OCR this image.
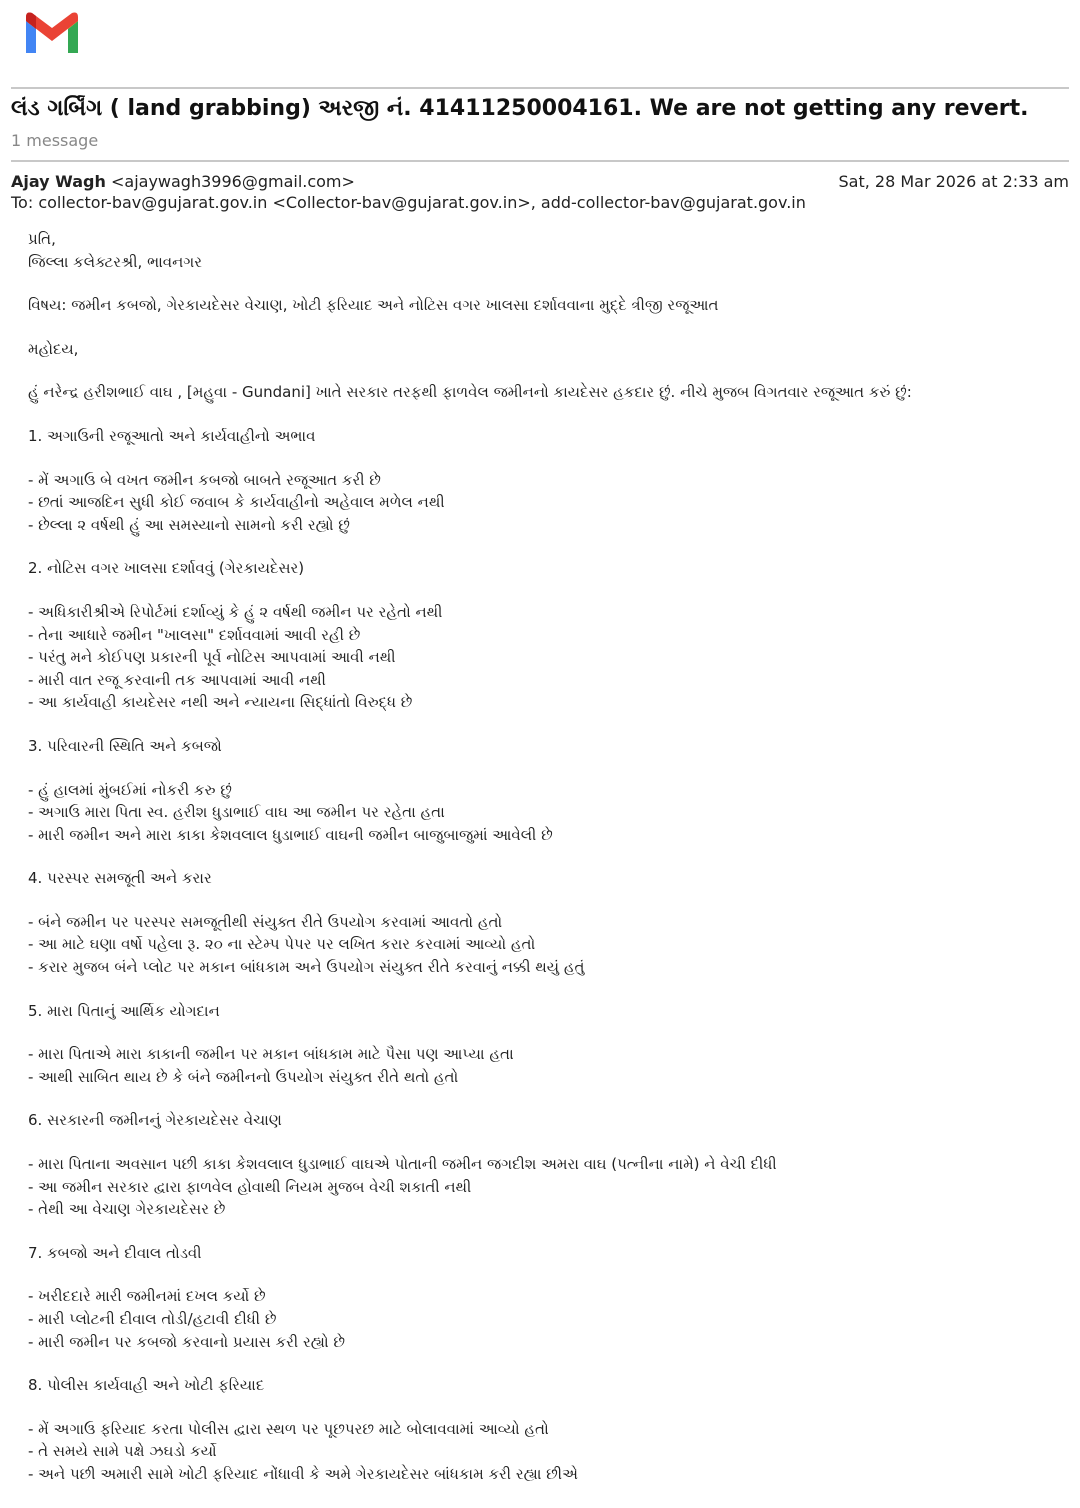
લંડ ગર્બિંગ ( land grabbing) અરજી નં. 41411250004161. We are not getting any revert.
1 message
Ajay Wagh <ajaywagh3996@gmail.com>	Sat, 28 Mar 2026 at 2:33 am
To: collector-bav@gujarat.gov.in <Collector-bav@gujarat.gov.in>, add-collector-bav@gujarat.gov.in
પ્રતિ,
જિલ્લા કલેક્ટરશ્રી, ભાવનગર
વિષય: જમીન કબજો, ગેરકાયદેસર વેચાણ, ખોટી ફરિયાદ અને નોટિસ વગર ખાલસા દર્શાવવાના મુદ્દે ત્રીજી રજૂઆત
મહોદય,
હું નરેન્દ્ર હરીશભાઈ વાઘ , [મહુવા - Gundani] ખાતે સરકાર તરફથી ફાળવેલ જમીનનો કાયદેસર હકદાર છું. નીચે મુજબ વિગતવાર રજૂઆત કરું છું:
1. અગાઉની રજૂઆતો અને કાર્યવાહીનો અભાવ
- મેં અગાઉ બે વખત જમીન કબજો બાબતે રજૂઆત કરી છે
- છતાં આજદિન સુધી કોઈ જવાબ કે કાર્યવાહીનો અહેવાલ મળેલ નથી
- છેલ્લા ૨ વર્ષથી હું આ સમસ્યાનો સામનો કરી રહ્યો છું
2. નોટિસ વગર ખાલસા દર્શાવવું (ગેરકાયદેસર)
- અધિકારીશ્રીએ રિપોર્ટમાં દર્શાવ્યું કે હું ૨ વર્ષથી જમીન પર રહેતો નથી
- તેના આધારે જમીન "ખાલસા" દર્શાવવામાં આવી રહી છે
- પરંતુ મને કોઈપણ પ્રકારની પૂર્વ નોટિસ આપવામાં આવી નથી
- મારી વાત રજૂ કરવાની તક આપવામાં આવી નથી
- આ કાર્યવાહી કાયદેસર નથી અને ન્યાયના સિદ્ધાંતો વિરુદ્ધ છે
3. પરિવારની સ્થિતિ અને કબજો
- હું હાલમાં મુંબઈમાં નોકરી કરુ છું
- અગાઉ મારા પિતા સ્વ. હરીશ ધુડાભાઈ વાઘ આ જમીન પર રહેતા હતા
- મારી જમીન અને મારા કાકા કેશવલાલ ધુડાભાઈ વાઘની જમીન બાજુબાજુમાં આવેલી છે
4. પરસ્પર સમજૂતી અને કરાર
- બંને જમીન પર પરસ્પર સમજૂતીથી સંયુક્ત રીતે ઉપયોગ કરવામાં આવતો હતો
- આ માટે ઘણા વર્ષો પહેલા રૂ. ૨૦ ના સ્ટેમ્પ પેપર પર લખિત કરાર કરવામાં આવ્યો હતો
- કરાર મુજબ બંને પ્લોટ પર મકાન બાંધકામ અને ઉપયોગ સંયુક્ત રીતે કરવાનું નક્કી થયું હતું
5. મારા પિતાનું આર્થિક યોગદાન
- મારા પિતાએ મારા કાકાની જમીન પર મકાન બાંધકામ માટે પૈસા પણ આપ્યા હતા
- આથી સાબિત થાય છે કે બંને જમીનનો ઉપયોગ સંયુક્ત રીતે થતો હતો
6. સરકારની જમીનનું ગેરકાયદેસર વેચાણ
- મારા પિતાના અવસાન પછી કાકા કેશવલાલ ધુડાભાઈ વાઘએ પોતાની જમીન જગદીશ અમરા વાઘ (પત્નીના નામે) ને વેચી દીધી
- આ જમીન સરકાર દ્વારા ફાળવેલ હોવાથી નિયમ મુજબ વેચી શકાતી નથી
- તેથી આ વેચાણ ગેરકાયદેસર છે
7. કબજો અને દીવાલ તોડવી
- ખરીદદારે મારી જમીનમાં દખલ કર્યો છે
- મારી પ્લોટની દીવાલ તોડી/હટાવી દીધી છે
- મારી જમીન પર કબજો કરવાનો પ્રયાસ કરી રહ્યો છે
8. પોલીસ કાર્યવાહી અને ખોટી ફરિયાદ
- મેં અગાઉ ફરિયાદ કરતા પોલીસ દ્વારા સ્થળ પર પૂછપરછ માટે બોલાવવામાં આવ્યો હતો
- તે સમયે સામે પક્ષે ઝઘડો કર્યો
- અને પછી અમારી સામે ખોટી ફરિયાદ નોંધાવી કે અમે ગેરકાયદેસર બાંધકામ કરી રહ્યા છીએ
